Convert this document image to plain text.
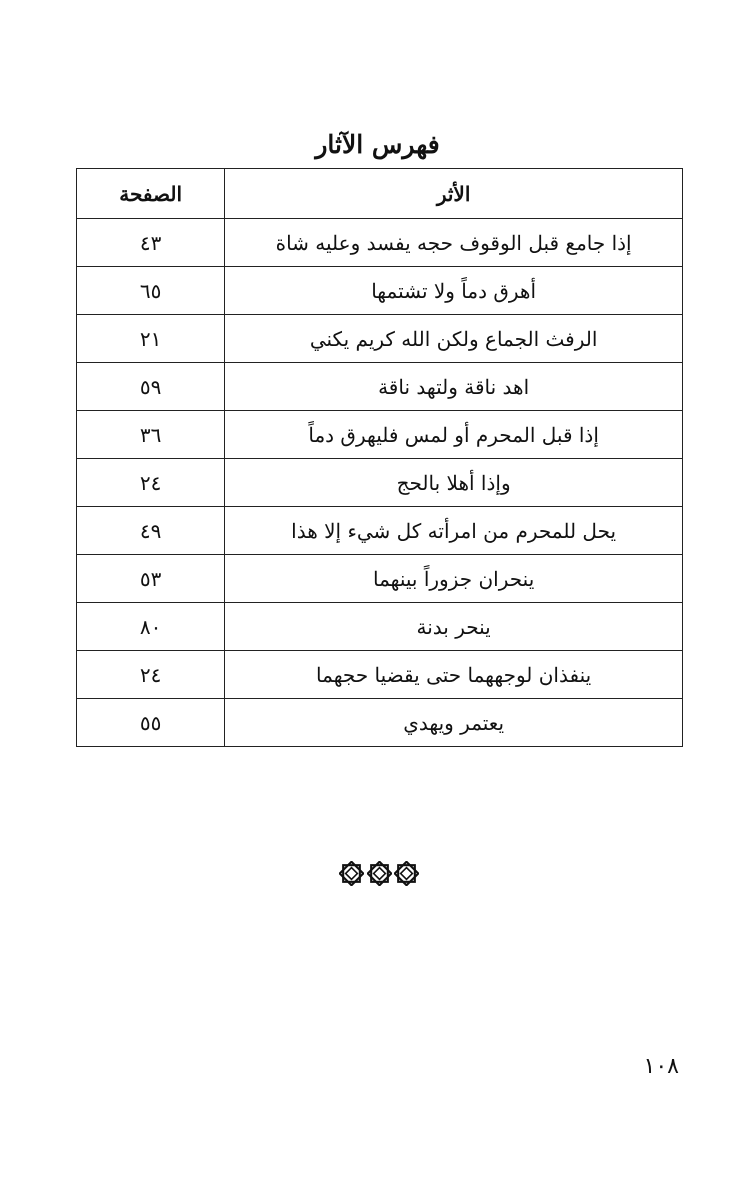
فهرس الآثار
الأثر	الصفحة
إذا جامع قبل الوقوف حجه يفسد وعليه شاة	٤٣
أهرق دماً ولا تشتمها	٦٥
الرفث الجماع ولكن الله كريم يكني	٢١
اهد ناقة ولتهد ناقة	٥٩
إذا قبل المحرم أو لمس فليهرق دماً	٣٦
وإذا أهلا بالحج	٢٤
يحل للمحرم من امرأته كل شيء إلا هذا	٤٩
ينحران جزوراً بينهما	٥٣
ينحر بدنة	٨٠
ينفذان لوجههما حتى يقضيا حجهما	٢٤
يعتمر ويهدي	٥٥
١٠٨
